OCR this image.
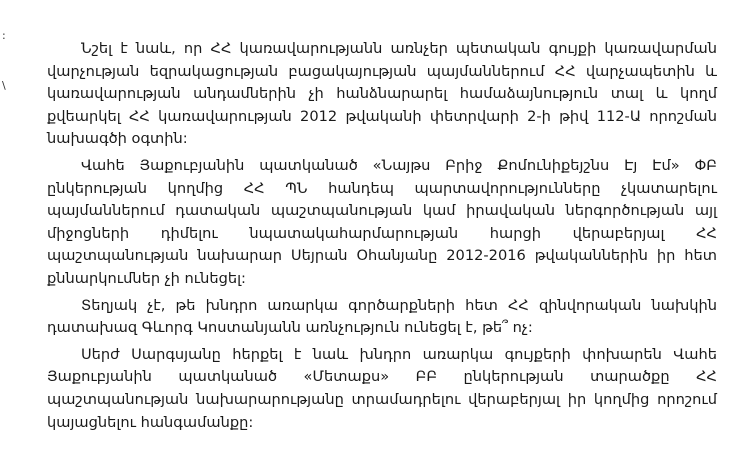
:
\

Նշել է նաև, որ ՀՀ կառավարությանն առնչեր պետական գույքի կառավարման վարչության եզրակացության բացակայության պայմաններում ՀՀ վարչապետին և կառավարության անդամներին չի հանձնարարել համաձայնություն տալ և կողմ քվեարկել ՀՀ կառավարության 2012 թվականի փետրվարի 2-ի թիվ 112-Ա որոշման նախագծի օգտին:

Վահե Յաքուբյանին պատկանած «Նայթս Բրիջ Քոմունիքեյշնս Էյ Էմ» ՓԲ ընկերության կողմից ՀՀ ՊՆ հանդեպ պարտավորությունները չկատարելու պայմաններում դատական պաշտպանության կամ իրավական ներգործության այլ միջոցների դիմելու նպատակահարմարության հարցի վերաբերյալ ՀՀ պաշտպանության նախարար Սեյրան Օհանյանը 2012-2016 թվականներին իր հետ քննարկումներ չի ունեցել:

Տեղյակ չէ, թե խնդրո առարկա գործարքների հետ ՀՀ զինվորական նախկին դատախազ Գևորգ Կոստանյանն առնչություն ունեցել է, թե՞ ոչ:

Սերժ Սարգսյանը հերքել է նաև խնդրո առարկա գույքերի փոխարեն Վահե Յաքուբյանին պատկանած «Մետաքս» ԲԲ ընկերության տարածքը ՀՀ պաշտպանության նախարարությանը տրամադրելու վերաբերյալ իր կողմից որոշում կայացնելու հանգամանքը:
